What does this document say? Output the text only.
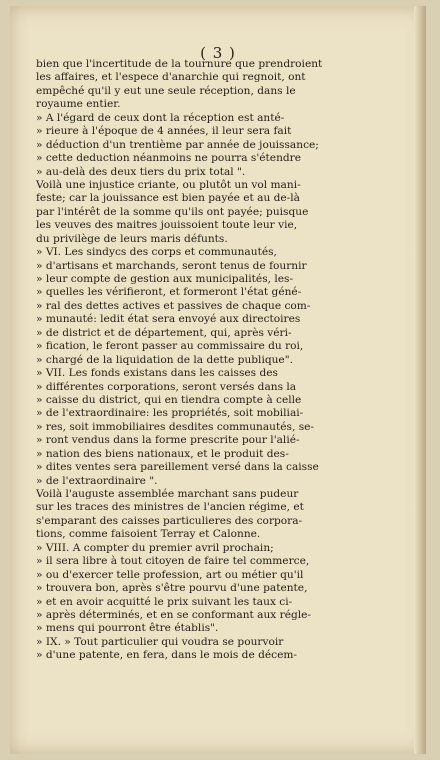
( 3 )
bien que l'incertitude de la tournure que prendroient
les affaires, et l'espece d'anarchie qui regnoit, ont
empêché qu'il y eut une seule réception, dans le
royaume entier.
» A l'égard de ceux dont la réception est anté-
» rieure à l'époque de 4 années, il leur sera fait
» déduction d'un trentième par année de jouissance;
» cette deduction néanmoins ne pourra s'étendre
» au-delà des deux tiers du prix total ".
Voilà une injustice criante, ou plutôt un vol mani-
feste; car la jouissance est bien payée et au de-là
par l'intérêt de la somme qu'ils ont payée; puisque
les veuves des maitres jouissoient toute leur vie,
du privilège de leurs maris défunts.
» VI. Les sindycs des corps et communautés,
» d'artisans et marchands, seront tenus de fournir
» leur compte de gestion aux municipalités, les-
» quelles les vérifieront, et formeront l'état géné-
» ral des dettes actives et passives de chaque com-
» munauté: ledit état sera envoyé aux directoires
» de district et de département, qui, après véri-
» fication, le feront passer au commissaire du roi,
» chargé de la liquidation de la dette publique".
» VII. Les fonds existans dans les caisses des
» différentes corporations, seront versés dans la
» caisse du district, qui en tiendra compte à celle
» de l'extraordinaire: les propriétés, soit mobiliai-
» res, soit immobiliaires desdites communautés, se-
» ront vendus dans la forme prescrite pour l'alié-
» nation des biens nationaux, et le produit des-
» dites ventes sera pareillement versé dans la caisse
» de l'extraordinaire ".
Voilà l'auguste assemblée marchant sans pudeur
sur les traces des ministres de l'ancien régime, et
s'emparant des caisses particulieres des corpora-
tions, comme faisoient Terray et Calonne.
» VIII. A compter du premier avril prochain;
» il sera libre à tout citoyen de faire tel commerce,
» ou d'exercer telle profession, art ou métier qu'il
» trouvera bon, après s'être pourvu d'une patente,
» et en avoir acquitté le prix suivant les taux ci-
» après déterminés, et en se conformant aux régle-
» mens qui pourront être établis".
» IX. » Tout particulier qui voudra se pourvoir
» d'une patente, en fera, dans le mois de décem-
